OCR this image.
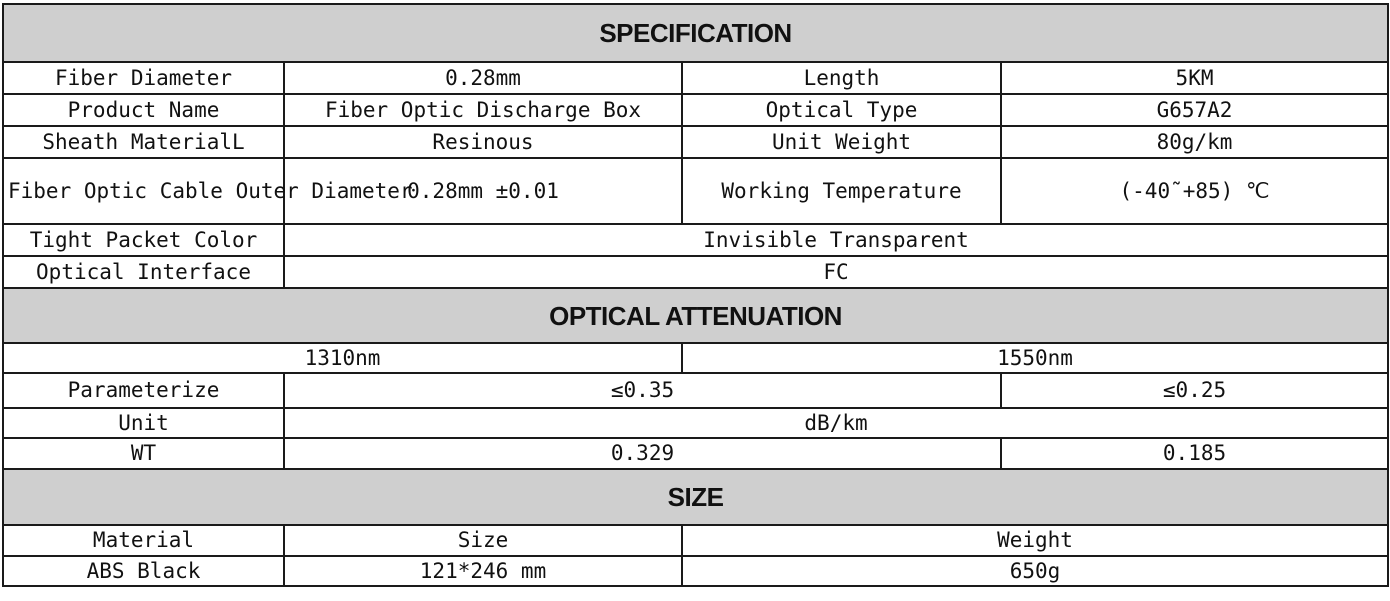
SPECIFICATION			
Fiber Diameter	0.28mm	Length	5KM
Product Name	Fiber Optic Discharge Box	Optical Type	G657A2
Sheath MaterialL	Resinous	Unit Weight	80g/km
Fiber Optic Cable Outer Diameter	0.28mm ±0.01	Working Temperature	(-40˜+85) ℃
Tight Packet Color	Invisible Transparent		
Optical Interface	FC		
OPTICAL ATTENUATION			
1310nm		1550nm	
Parameterize	≤0.35		≤0.25
Unit	dB/km		
WT	0.329		0.185
SIZE			
Material	Size	Weight	
ABS Black	121*246 mm	650g	
